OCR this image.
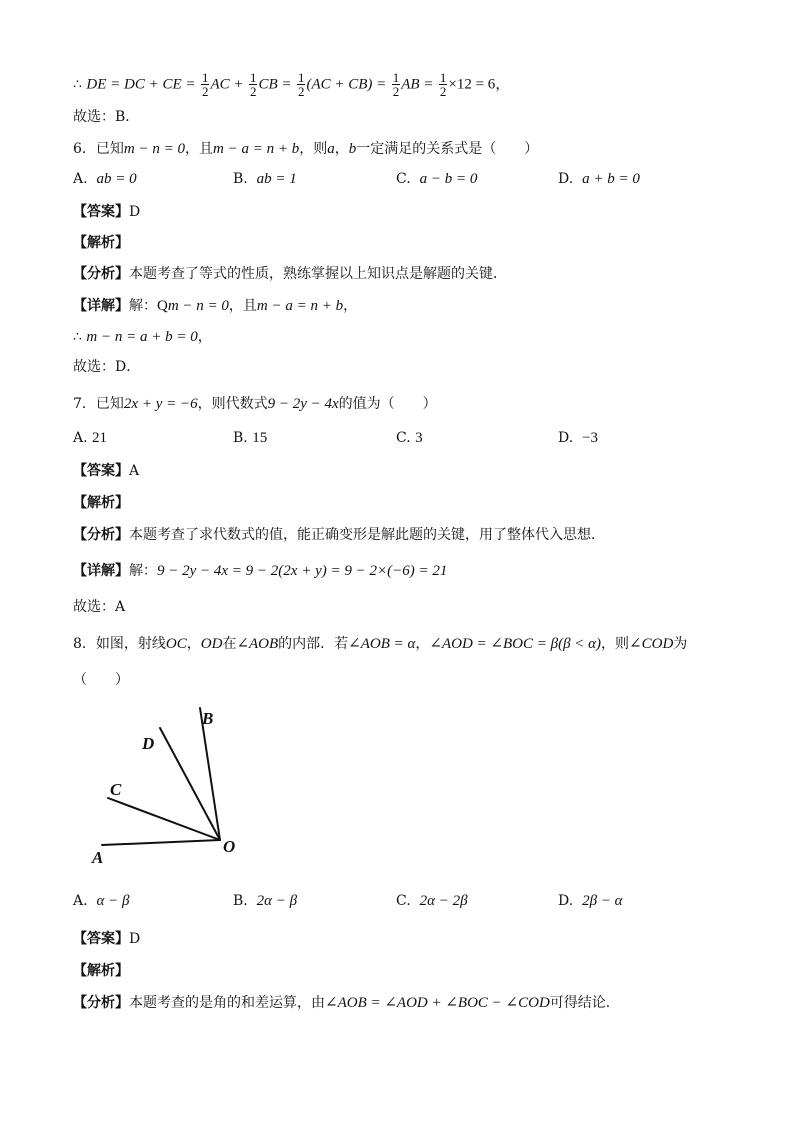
∴ DE = DC + CE = $\frac{1}{2}$ AC + $\frac{1}{2}$ CB = $\frac{1}{2} (AC + CB) = \frac{1}{2}$ AB = $\frac{1}{2} \times 12 = 6$，
故选：B．
6．已知m − n = 0，且m − a = n + b，则a，b一定满足的关系式是（　　）
A. ab = 0	B. ab = 1	C. a − b = 0	D. a + b = 0
【答案】D
【解析】
【分析】本题考查了等式的性质，熟练掌握以上知识点是解题的关键．
【详解】解：Qm − n = 0，且m − a = n + b，
∴ m − n = a + b = 0，
故选：D．
7．已知2x + y = −6，则代数式9 − 2y − 4x的值为（　　）
A. 21	B. 15	C. 3	D. −3
【答案】A
【解析】
【分析】本题考查了求代数式的值，能正确变形是解此题的关键，用了整体代入思想．
【详解】解：9 − 2y − 4x = 9 − 2(2x + y) = 9 − 2×(−6) = 21
故选：A
8．如图，射线OC，OD在∠AOB的内部．若∠AOB = α，∠AOD = ∠BOC = β(β < α)，则∠COD为
（　　）
A
C
D
B
O
A. α − β	B. 2α − β	C. 2α − 2β	D. 2β − α
【答案】D
【解析】
【分析】本题考查的是角的和差运算，由∠AOB = ∠AOD + ∠BOC − ∠COD可得结论．
